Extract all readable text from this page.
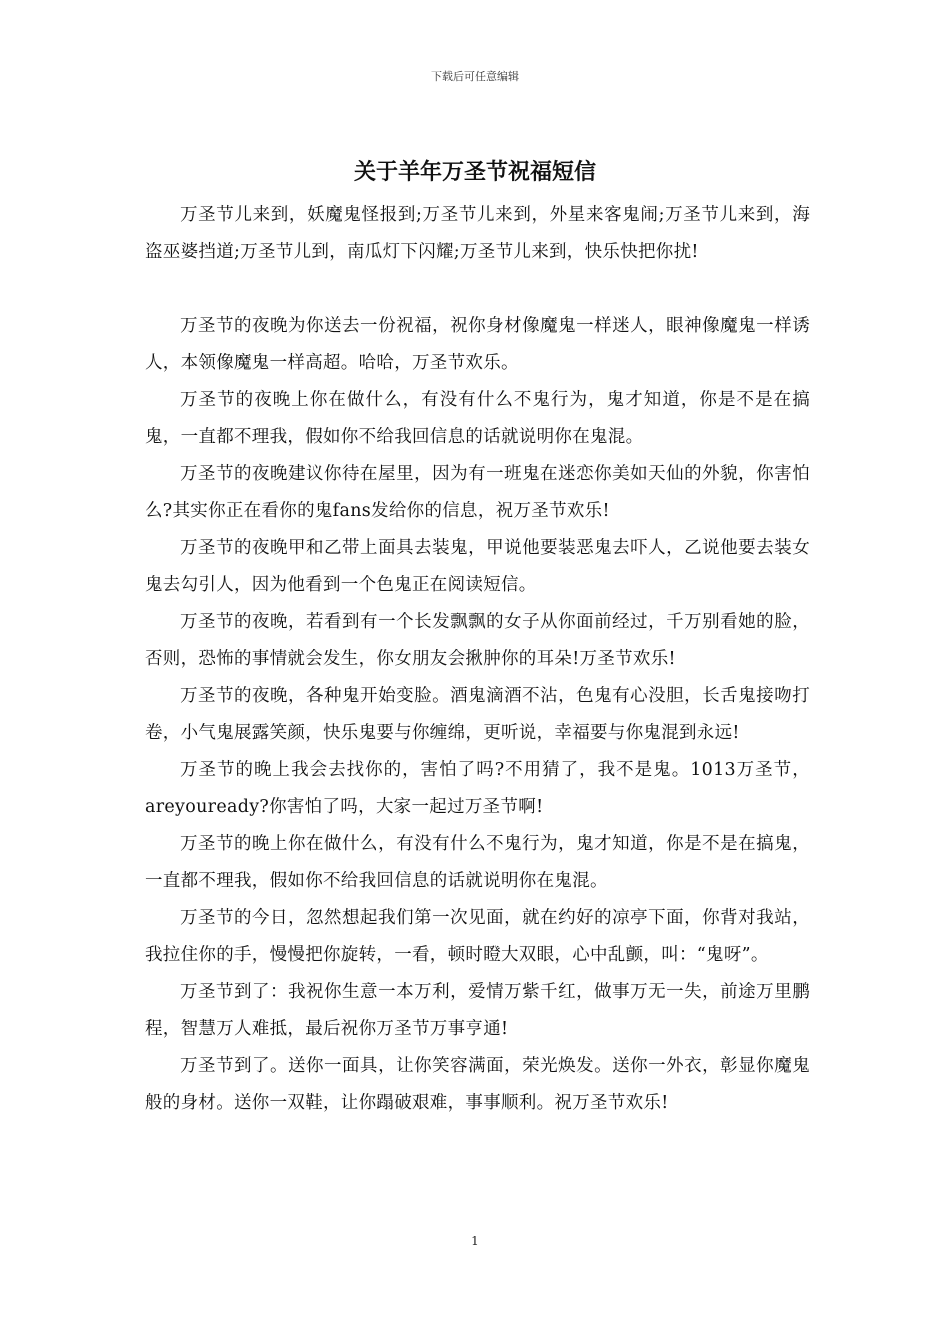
下载后可任意编辑
关于羊年万圣节祝福短信

万圣节儿来到，妖魔鬼怪报到;万圣节儿来到，外星来客鬼闹;万圣节儿来到，海盗巫婆挡道;万圣节儿到，南瓜灯下闪耀;万圣节儿来到，快乐快把你扰!

万圣节的夜晚为你送去一份祝福，祝你身材像魔鬼一样迷人，眼神像魔鬼一样诱人，本领像魔鬼一样高超。哈哈，万圣节欢乐。

万圣节的夜晚上你在做什么，有没有什么不鬼行为，鬼才知道，你是不是在搞鬼，一直都不理我，假如你不给我回信息的话就说明你在鬼混。

万圣节的夜晚建议你待在屋里，因为有一班鬼在迷恋你美如天仙的外貌，你害怕么?其实你正在看你的鬼fans发给你的信息，祝万圣节欢乐!

万圣节的夜晚甲和乙带上面具去装鬼，甲说他要装恶鬼去吓人，乙说他要去装女鬼去勾引人，因为他看到一个色鬼正在阅读短信。

万圣节的夜晚，若看到有一个长发飘飘的女子从你面前经过，千万别看她的脸，否则，恐怖的事情就会发生，你女朋友会揪肿你的耳朵!万圣节欢乐!

万圣节的夜晚，各种鬼开始变脸。酒鬼滴酒不沾，色鬼有心没胆，长舌鬼接吻打卷，小气鬼展露笑颜，快乐鬼要与你缠绵，更听说，幸福要与你鬼混到永远!

万圣节的晚上我会去找你的，害怕了吗?不用猜了，我不是鬼。1013万圣节，areyouready?你害怕了吗，大家一起过万圣节啊!

万圣节的晚上你在做什么，有没有什么不鬼行为，鬼才知道，你是不是在搞鬼，一直都不理我，假如你不给我回信息的话就说明你在鬼混。

万圣节的今日，忽然想起我们第一次见面，就在约好的凉亭下面，你背对我站，我拉住你的手，慢慢把你旋转，一看，顿时瞪大双眼，心中乱颤，叫：“鬼呀”。

万圣节到了：我祝你生意一本万利，爱情万紫千红，做事万无一失，前途万里鹏程，智慧万人难抵，最后祝你万圣节万事亨通!

万圣节到了。送你一面具，让你笑容满面，荣光焕发。送你一外衣，彰显你魔鬼般的身材。送你一双鞋，让你蹋破艰难，事事顺利。祝万圣节欢乐!

1
